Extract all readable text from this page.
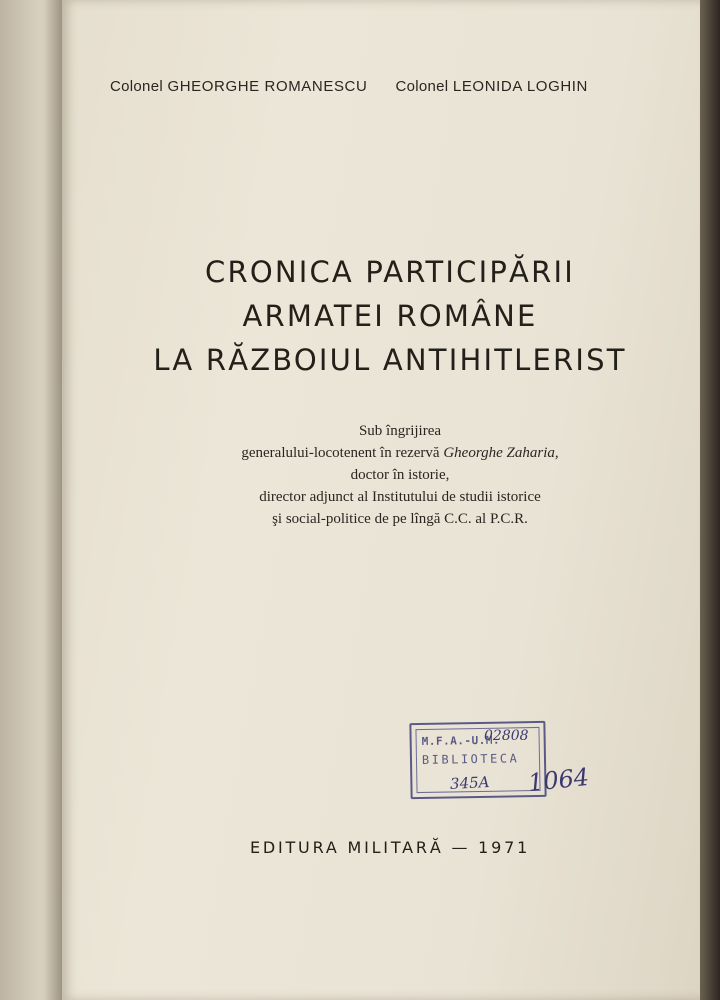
Colonel GHEORGHE ROMANESCU Colonel LEONIDA LOGHIN
CRONICA PARTICIPĂRII
ARMATEI ROMÂNE
LA RĂZBOIUL ANTIHITLERIST
Sub îngrijirea
generalului-locotenent în rezervă Gheorghe Zaharia,
doctor în istorie,
director adjunct al Institutului de studii istorice
şi social-politice de pe lîngă C.C. al P.C.R.
M.F.A.-U.M.
BIBLIOTECA
02808
345A 1064
EDITURA MILITARĂ — 1971
